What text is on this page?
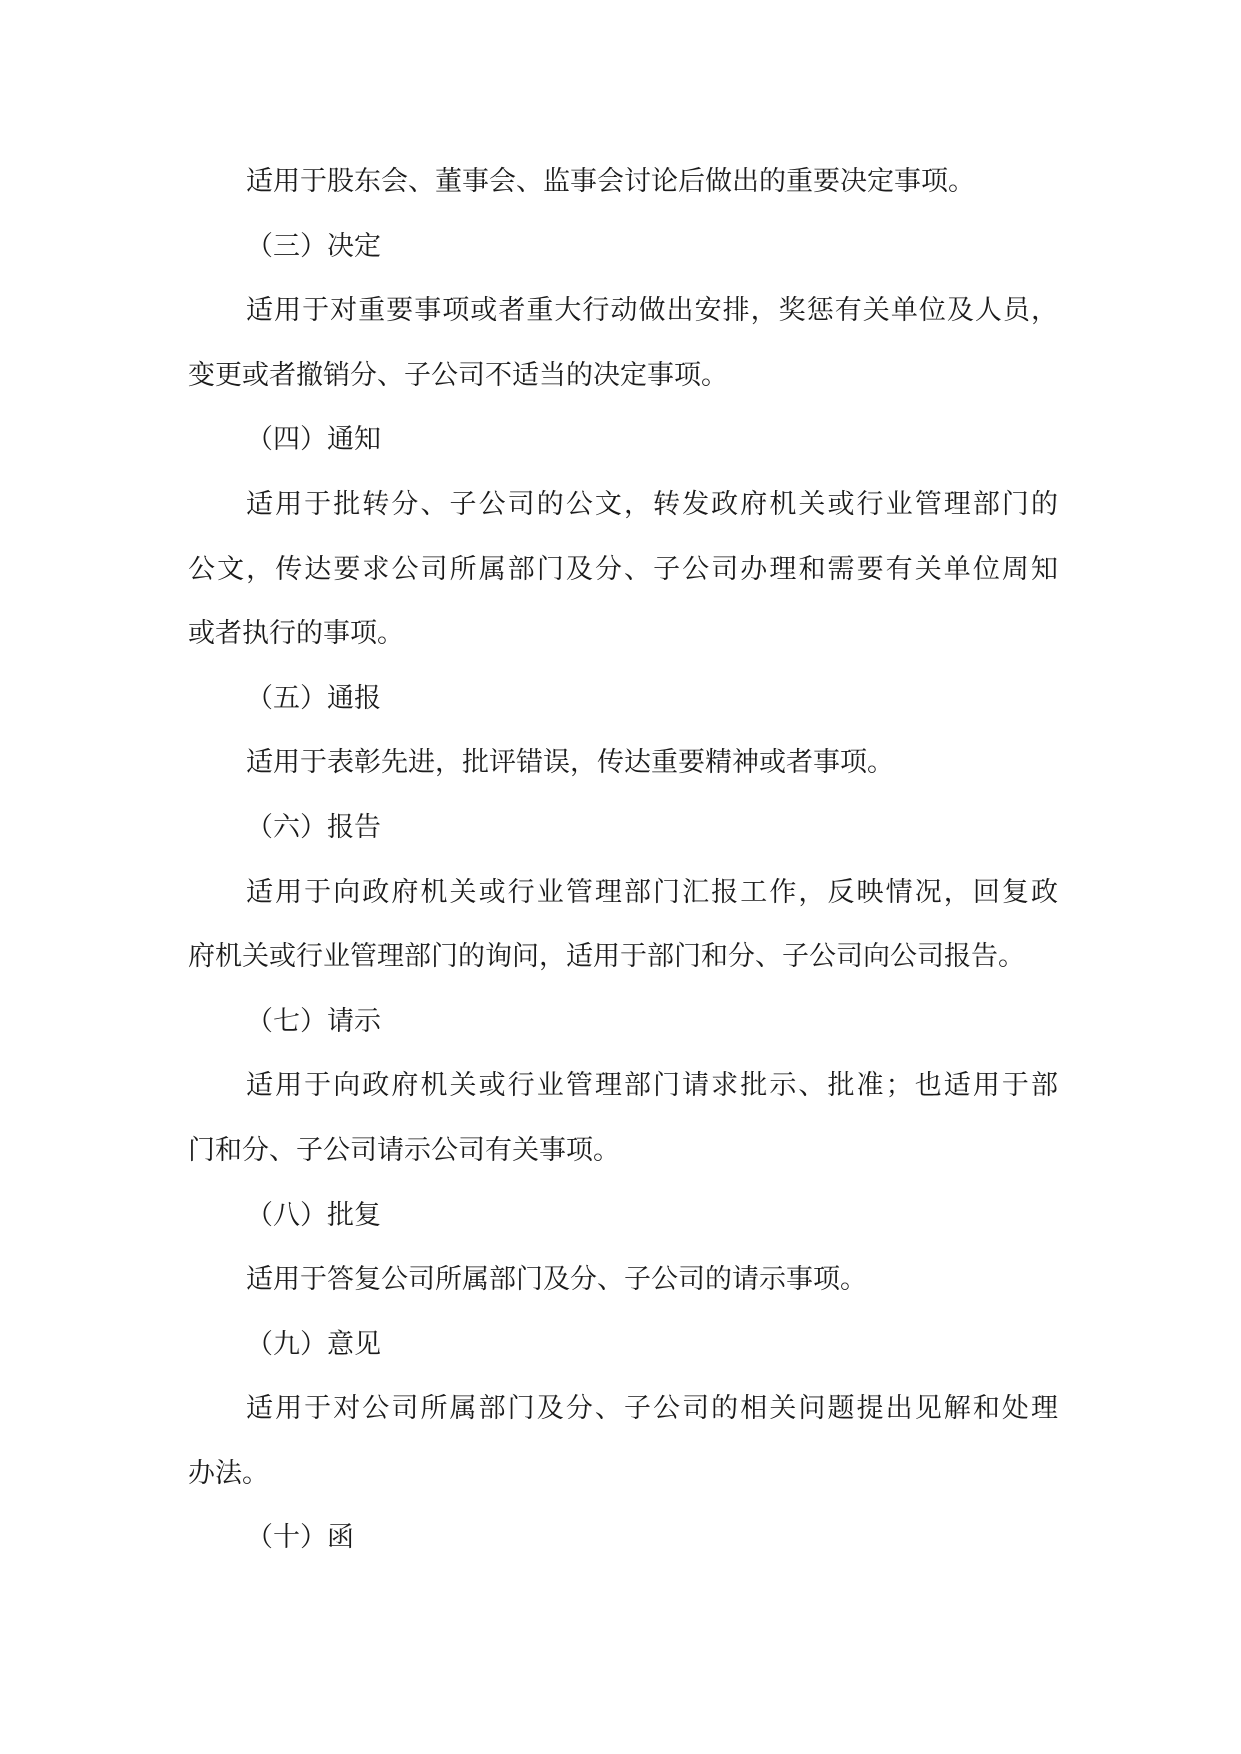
适用于股东会、董事会、监事会讨论后做出的重要决定事项。
（三）决定
适用于对重要事项或者重大行动做出安排，奖惩有关单位及人员，
变更或者撤销分、子公司不适当的决定事项。
（四）通知
适用于批转分、子公司的公文，转发政府机关或行业管理部门的
公文，传达要求公司所属部门及分、子公司办理和需要有关单位周知
或者执行的事项。
（五）通报
适用于表彰先进，批评错误，传达重要精神或者事项。
（六）报告
适用于向政府机关或行业管理部门汇报工作，反映情况，回复政
府机关或行业管理部门的询问，适用于部门和分、子公司向公司报告。
（七）请示
适用于向政府机关或行业管理部门请求批示、批准；也适用于部
门和分、子公司请示公司有关事项。
（八）批复
适用于答复公司所属部门及分、子公司的请示事项。
（九）意见
适用于对公司所属部门及分、子公司的相关问题提出见解和处理
办法。
（十）函
